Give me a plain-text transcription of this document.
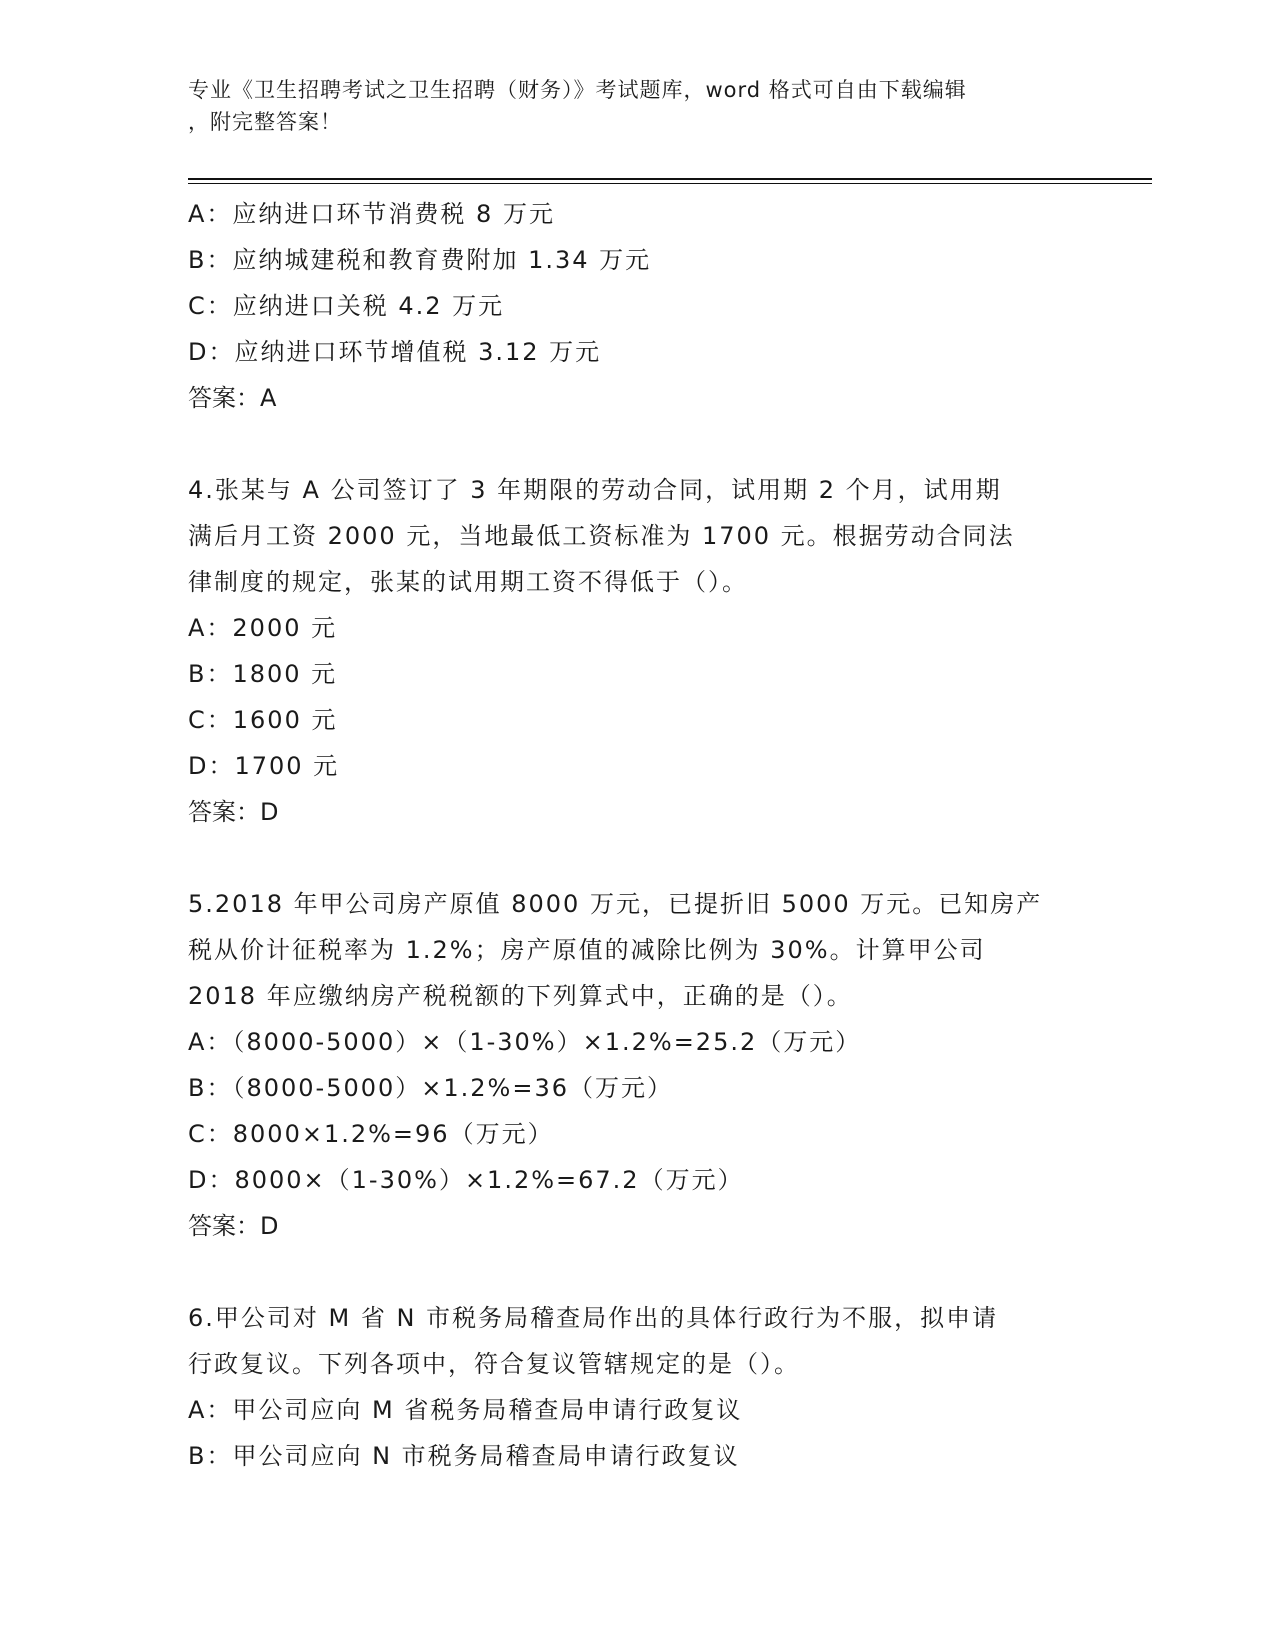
专业《卫生招聘考试之卫生招聘（财务）》考试题库，word 格式可自由下载编辑
，附完整答案！
A：应纳进口环节消费税 8 万元
B：应纳城建税和教育费附加 1.34 万元
C：应纳进口关税 4.2 万元
D：应纳进口环节增值税 3.12 万元
答案：A
4.张某与 A 公司签订了 3 年期限的劳动合同，试用期 2 个月，试用期
满后月工资 2000 元，当地最低工资标准为 1700 元。根据劳动合同法
律制度的规定，张某的试用期工资不得低于（）。
A：2000 元
B：1800 元
C：1600 元
D：1700 元
答案：D
5.2018 年甲公司房产原值 8000 万元，已提折旧 5000 万元。已知房产
税从价计征税率为 1.2%；房产原值的减除比例为 30%。计算甲公司
2018 年应缴纳房产税税额的下列算式中，正确的是（）。
A：（8000-5000）×（1-30%）×1.2%=25.2（万元）
B：（8000-5000）×1.2%=36（万元）
C：8000×1.2%=96（万元）
D：8000×（1-30%）×1.2%=67.2（万元）
答案：D
6.甲公司对 M 省 N 市税务局稽查局作出的具体行政行为不服，拟申请
行政复议。下列各项中，符合复议管辖规定的是（）。
A：甲公司应向 M 省税务局稽查局申请行政复议
B：甲公司应向 N 市税务局稽查局申请行政复议
